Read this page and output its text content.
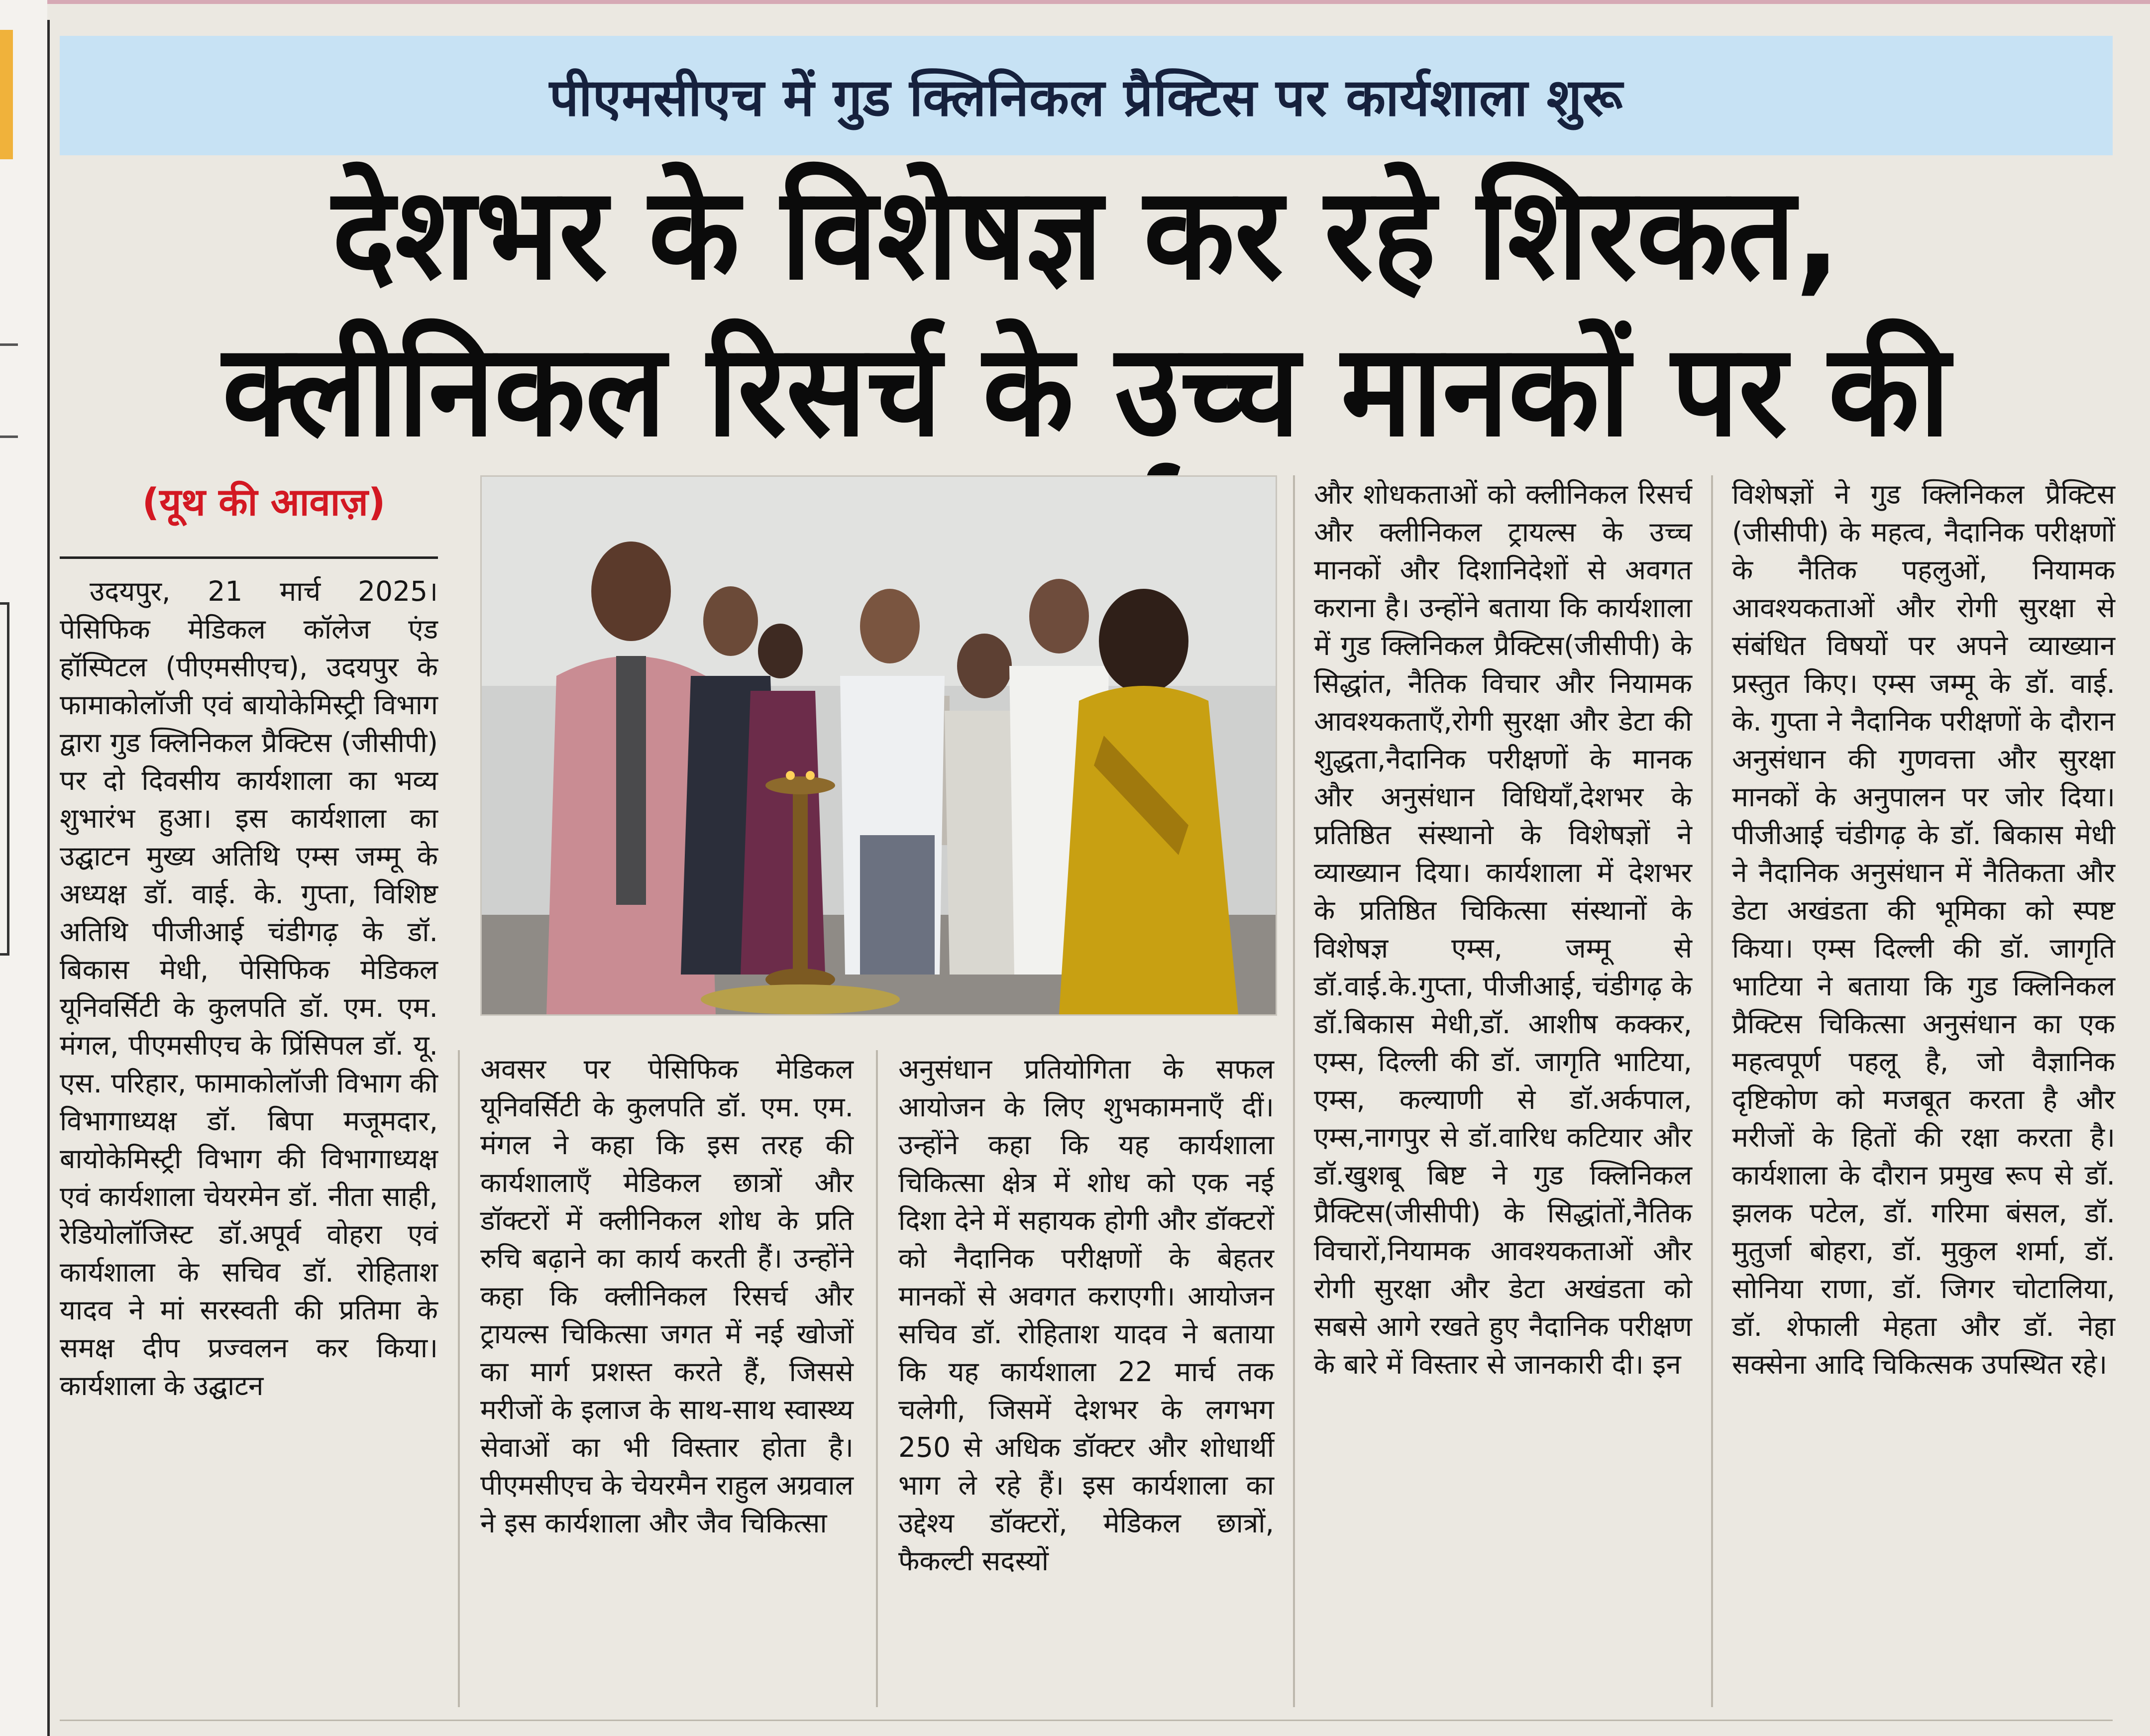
पीएमसीएच में गुड क्लिनिकल प्रैक्टिस पर कार्यशाला शुरू
देशभर के विशेषज्ञ कर रहे शिरकत,
क्लीनिकल रिसर्च के उच्च मानकों पर की
(यूथ की आवाज़)

उदयपुर, 21 मार्च 2025। पेसिफिक मेडिकल कॉलेज एंड हॉस्पिटल (पीएमसीएच), उदयपुर के फामाकोलॉजी एवं बायोकेमिस्ट्री विभाग द्वारा गुड क्लिनिकल प्रैक्टिस (जीसीपी) पर दो दिवसीय कार्यशाला का भव्य शुभारंभ हुआ। इस कार्यशाला का उद्घाटन मुख्य अतिथि एम्स जम्मू के अध्यक्ष डॉ. वाई. के. गुप्ता, विशिष्ट अतिथि पीजीआई चंडीगढ़ के डॉ. बिकास मेधी, पेसिफिक मेडिकल यूनिवर्सिटी के कुलपति डॉ. एम. एम. मंगल, पीएमसीएच के प्रिंसिपल डॉ. यू. एस. परिहार, फामाकोलॉजी विभाग की विभागाध्यक्ष डॉ. बिपा मजूमदार, बायोकेमिस्ट्री विभाग की विभागाध्यक्ष एवं कार्यशाला चेयरमेन डॉ. नीता साही, रेडियोलॉजिस्ट डॉ.अपूर्व वोहरा एवं कार्यशाला के सचिव डॉ. रोहिताश यादव ने मां सरस्वती की प्रतिमा के समक्ष दीप प्रज्वलन कर किया। कार्यशाला के उद्घाटन

अवसर पर पेसिफिक मेडिकल यूनिवर्सिटी के कुलपति डॉ. एम. एम. मंगल ने कहा कि इस तरह की कार्यशालाएँ मेडिकल छात्रों और डॉक्टरों में क्लीनिकल शोध के प्रति रुचि बढ़ाने का कार्य करती हैं। उन्होंने कहा कि क्लीनिकल रिसर्च और ट्रायल्स चिकित्सा जगत में नई खोजों का मार्ग प्रशस्त करते हैं, जिससे मरीजों के इलाज के साथ-साथ स्वास्थ्य सेवाओं का भी विस्तार होता है। पीएमसीएच के चेयरमैन राहुल अग्रवाल ने इस कार्यशाला और जैव चिकित्सा

अनुसंधान प्रतियोगिता के सफल आयोजन के लिए शुभकामनाएँ दीं। उन्होंने कहा कि यह कार्यशाला चिकित्सा क्षेत्र में शोध को एक नई दिशा देने में सहायक होगी और डॉक्टरों को नैदानिक परीक्षणों के बेहतर मानकों से अवगत कराएगी। आयोजन सचिव डॉ. रोहिताश यादव ने बताया कि यह कार्यशाला 22 मार्च तक चलेगी, जिसमें देशभर के लगभग 250 से अधिक डॉक्टर और शोधार्थी भाग ले रहे हैं। इस कार्यशाला का उद्देश्य डॉक्टरों, मेडिकल छात्रों, फैकल्टी सदस्यों

और शोधकताओं को क्लीनिकल रिसर्च और क्लीनिकल ट्रायल्स के उच्च मानकों और दिशानिदेशों से अवगत कराना है। उन्होंने बताया कि कार्यशाला में गुड क्लिनिकल प्रैक्टिस(जीसीपी) के सिद्धांत, नैतिक विचार और नियामक आवश्यकताएँ,रोगी सुरक्षा और डेटा की शुद्धता,नैदानिक परीक्षणों के मानक और अनुसंधान विधियाँ,देशभर के प्रतिष्ठित संस्थानो के विशेषज्ञों ने व्याख्यान दिया। कार्यशाला में देशभर के प्रतिष्ठित चिकित्सा संस्थानों के विशेषज्ञ एम्स, जम्मू से डॉ.वाई.के.गुप्ता, पीजीआई, चंडीगढ़ के डॉ.बिकास मेधी,डॉ. आशीष कक्कर, एम्स, दिल्ली की डॉ. जागृति भाटिया, एम्स, कल्याणी से डॉ.अर्कपाल, एम्स,नागपुर से डॉ.वारिध कटियार और डॉ.खुशबू बिष्ट ने गुड क्लिनिकल प्रैक्टिस(जीसीपी) के सिद्धांतों,नैतिक विचारों,नियामक आवश्यकताओं और रोगी सुरक्षा और डेटा अखंडता को सबसे आगे रखते हुए नैदानिक परीक्षण के बारे में विस्तार से जानकारी दी। इन

विशेषज्ञों ने गुड क्लिनिकल प्रैक्टिस (जीसीपी) के महत्व, नैदानिक परीक्षणों के नैतिक पहलुओं, नियामक आवश्यकताओं और रोगी सुरक्षा से संबंधित विषयों पर अपने व्याख्यान प्रस्तुत किए। एम्स जम्मू के डॉ. वाई. के. गुप्ता ने नैदानिक परीक्षणों के दौरान अनुसंधान की गुणवत्ता और सुरक्षा मानकों के अनुपालन पर जोर दिया। पीजीआई चंडीगढ़ के डॉ. बिकास मेधी ने नैदानिक अनुसंधान में नैतिकता और डेटा अखंडता की भूमिका को स्पष्ट किया। एम्स दिल्ली की डॉ. जागृति भाटिया ने बताया कि गुड क्लिनिकल प्रैक्टिस चिकित्सा अनुसंधान का एक महत्वपूर्ण पहलू है, जो वैज्ञानिक दृष्टिकोण को मजबूत करता है और मरीजों के हितों की रक्षा करता है। कार्यशाला के दौरान प्रमुख रूप से डॉ. झलक पटेल, डॉ. गरिमा बंसल, डॉ. मुतुर्जा बोहरा, डॉ. मुकुल शर्मा, डॉ. सोनिया राणा, डॉ. जिगर चोटालिया, डॉ. शेफाली मेहता और डॉ. नेहा सक्सेना आदि चिकित्सक उपस्थित रहे।
